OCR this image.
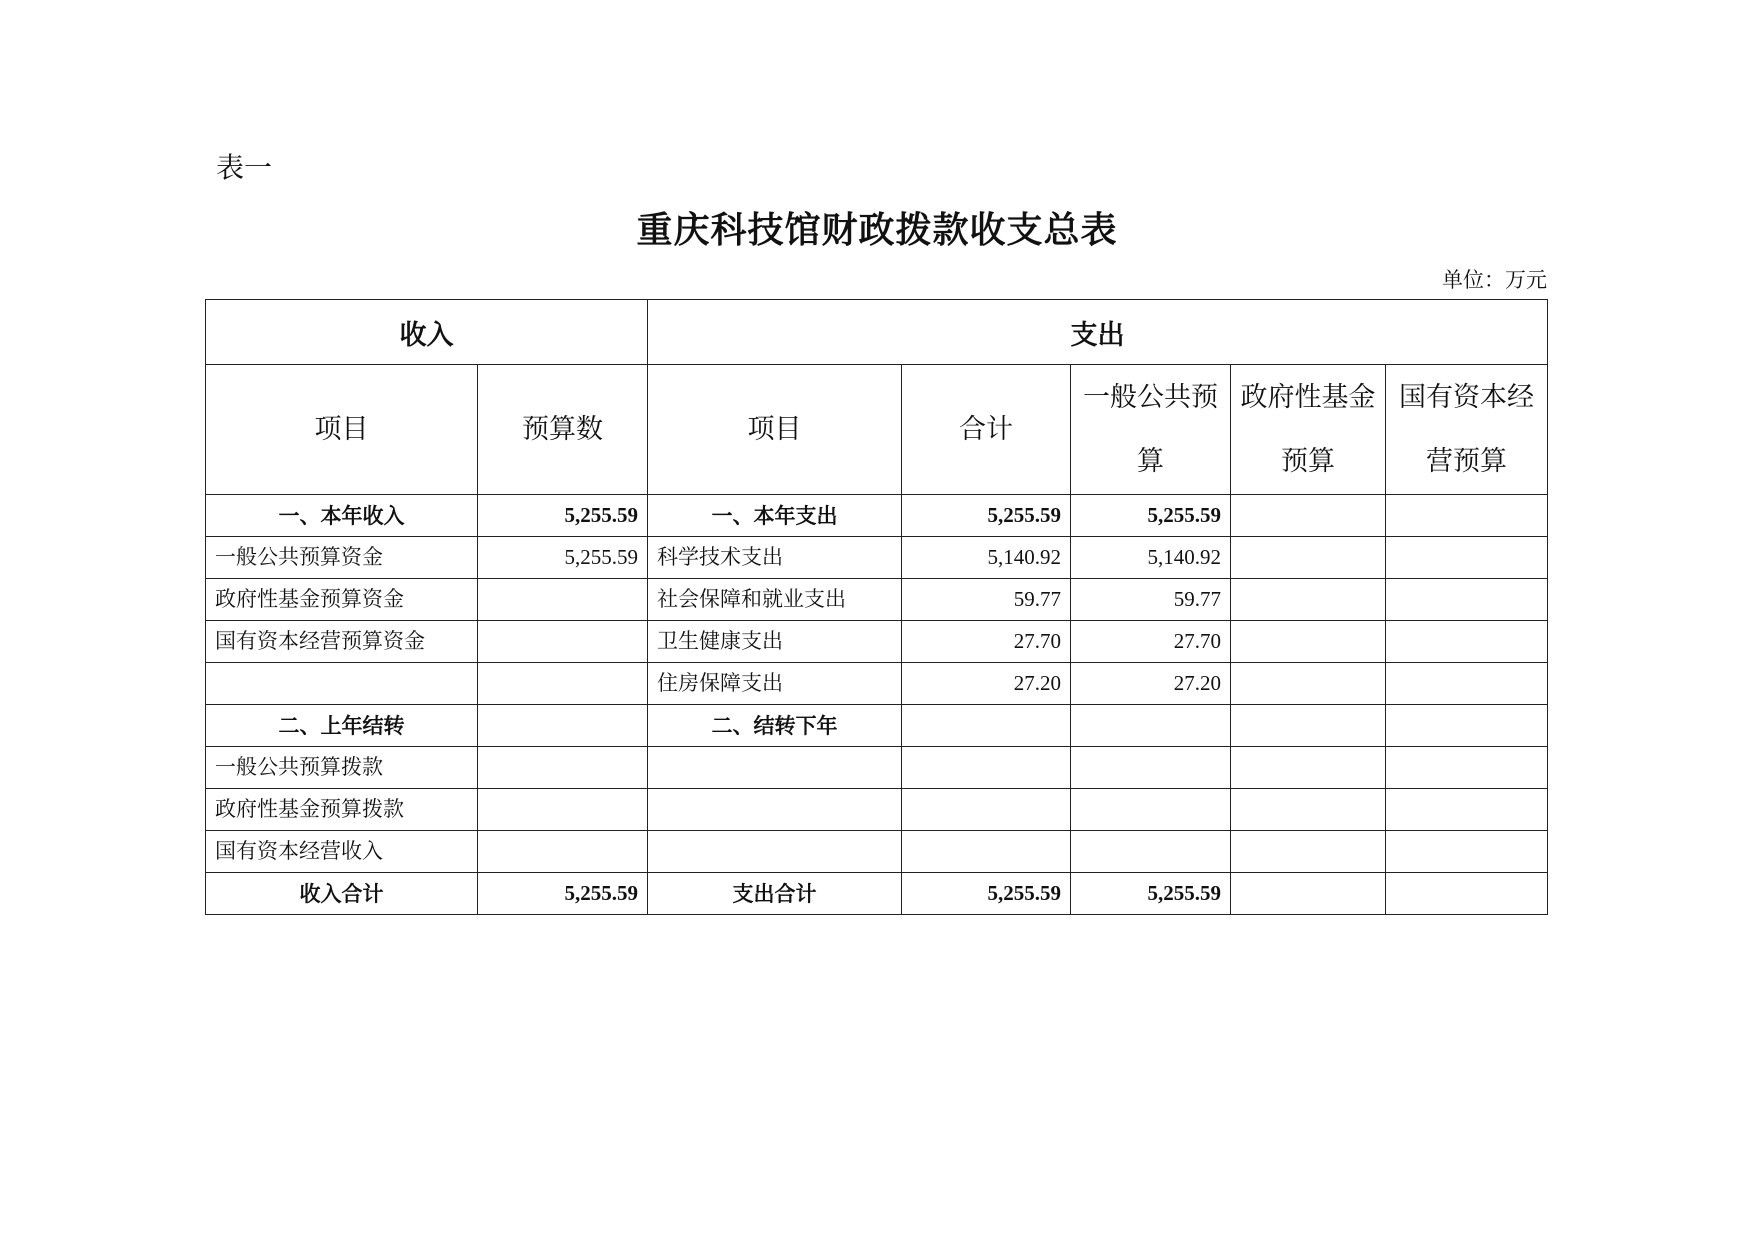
表一
重庆科技馆财政拨款收支总表
单位：万元
收入		支出				
项目	预算数	项目	合计	一般公共预算	政府性基金预算	国有资本经营预算
一、本年收入	5,255.59	一、本年支出	5,255.59	5,255.59		
一般公共预算资金	5,255.59	科学技术支出	5,140.92	5,140.92		
政府性基金预算资金		社会保障和就业支出	59.77	59.77		
国有资本经营预算资金		卫生健康支出	27.70	27.70		
		住房保障支出	27.20	27.20		
二、上年结转		二、结转下年				
一般公共预算拨款						
政府性基金预算拨款						
国有资本经营收入						
收入合计	5,255.59	支出合计	5,255.59	5,255.59		
